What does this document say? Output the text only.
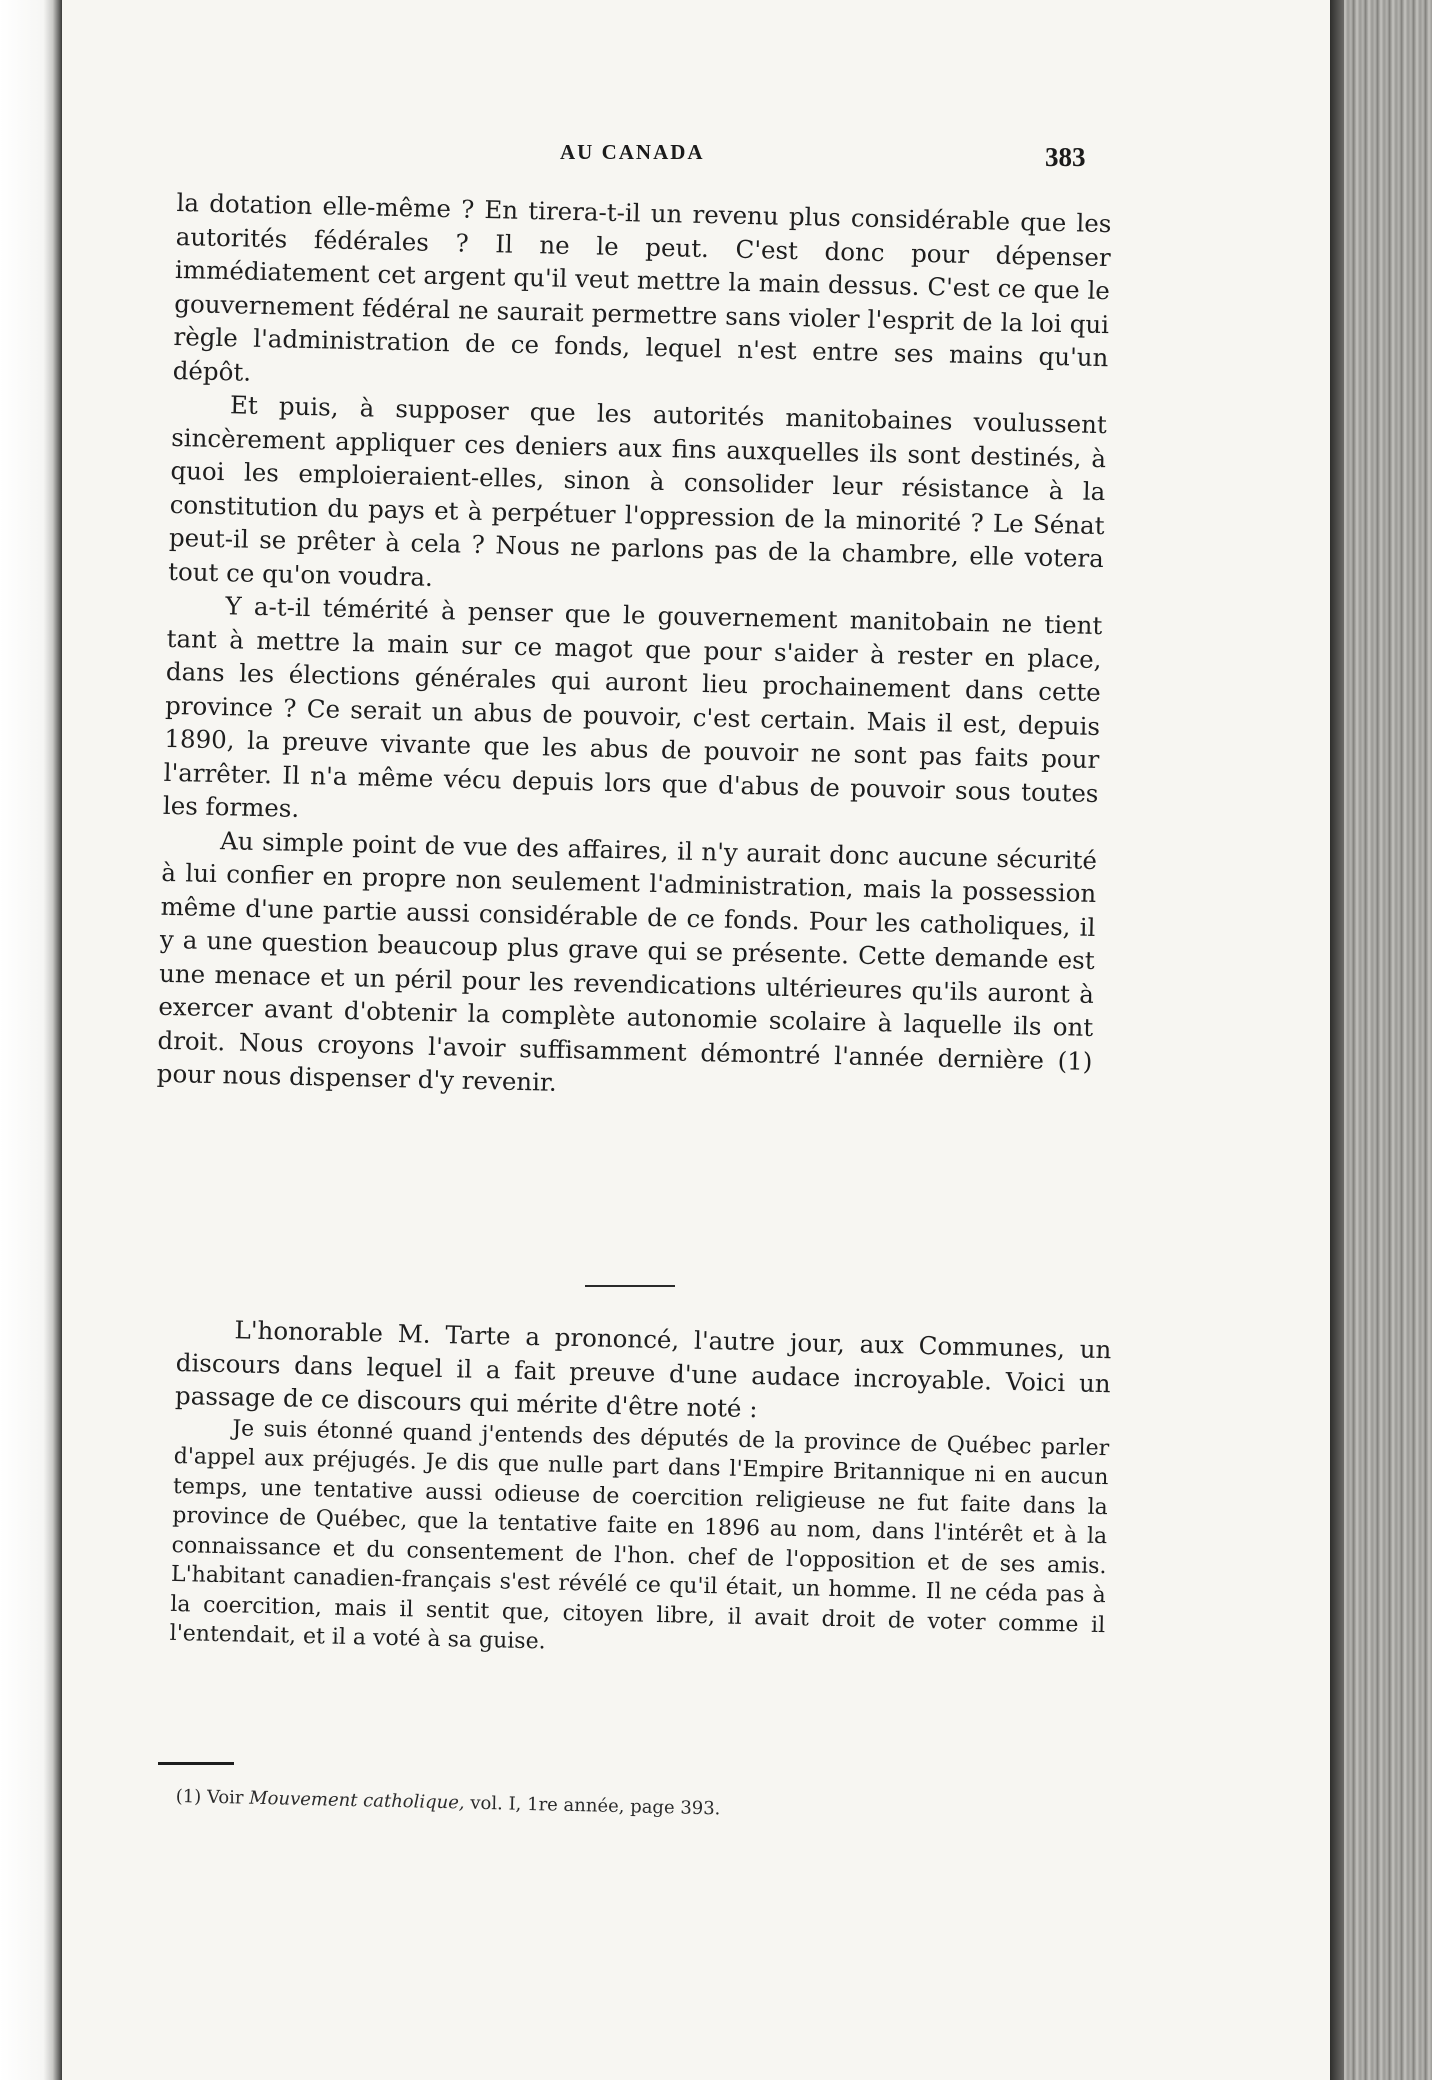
AU CANADA	383

la dotation elle-même ? En tirera-t-il un revenu plus considérable que les autorités fédérales ? Il ne le peut. C'est donc pour dépenser immédiatement cet argent qu'il veut mettre la main dessus. C'est ce que le gouvernement fédéral ne saurait permettre sans violer l'esprit de la loi qui règle l'administration de ce fonds, lequel n'est entre ses mains qu'un dépôt.

Et puis, à supposer que les autorités manitobaines voulussent sincèrement appliquer ces deniers aux fins auxquelles ils sont destinés, à quoi les emploieraient-elles, sinon à consolider leur résistance à la constitution du pays et à perpétuer l'oppression de la minorité ? Le Sénat peut-il se prêter à cela ? Nous ne parlons pas de la chambre, elle votera tout ce qu'on voudra.

Y a-t-il témérité à penser que le gouvernement manitobain ne tient tant à mettre la main sur ce magot que pour s'aider à rester en place, dans les élections générales qui auront lieu prochainement dans cette province ? Ce serait un abus de pouvoir, c'est certain. Mais il est, depuis 1890, la preuve vivante que les abus de pouvoir ne sont pas faits pour l'arrêter. Il n'a même vécu depuis lors que d'abus de pouvoir sous toutes les formes.

Au simple point de vue des affaires, il n'y aurait donc aucune sécurité à lui confier en propre non seulement l'administration, mais la possession même d'une partie aussi considérable de ce fonds. Pour les catholiques, il y a une question beaucoup plus grave qui se présente. Cette demande est une menace et un péril pour les revendications ultérieures qu'ils auront à exercer avant d'obtenir la complète autonomie scolaire à laquelle ils ont droit. Nous croyons l'avoir suffisamment démontré l'année dernière (1) pour nous dispenser d'y revenir.

L'honorable M. Tarte a prononcé, l'autre jour, aux Communes, un discours dans lequel il a fait preuve d'une audace incroyable. Voici un passage de ce discours qui mérite d'être noté :

Je suis étonné quand j'entends des députés de la province de Québec parler d'appel aux préjugés. Je dis que nulle part dans l'Empire Britannique ni en aucun temps, une tentative aussi odieuse de coercition religieuse ne fut faite dans la province de Québec, que la tentative faite en 1896 au nom, dans l'intérêt et à la connaissance et du consentement de l'hon. chef de l'opposition et de ses amis. L'habitant canadien-français s'est révélé ce qu'il était, un homme. Il ne céda pas à la coercition, mais il sentit que, citoyen libre, il avait droit de voter comme il l'entendait, et il a voté à sa guise.

(1) Voir Mouvement catholique, vol. I, 1re année, page 393.
